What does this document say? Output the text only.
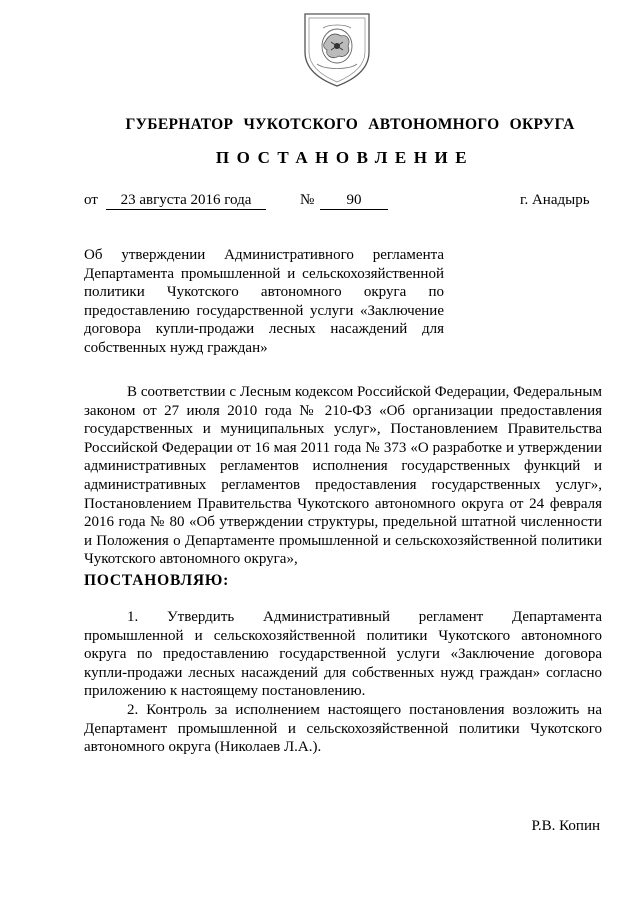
ГУБЕРНАТОР ЧУКОТСКОГО АВТОНОМНОГО ОКРУГА
ПОСТАНОВЛЕНИЕ
от	23 августа 2016 года	№	90	г. Анадырь
Об утверждении Административного регламента Департамента промышленной и сельскохозяйственной политики Чукотского автономного округа по предоставлению государственной услуги «Заключение договора купли-продажи лесных насаждений для собственных нужд граждан»
В соответствии с Лесным кодексом Российской Федерации, Федеральным законом от 27 июля 2010 года № 210-ФЗ «Об организации предоставления государственных и муниципальных услуг», Постановлением Правительства Российской Федерации от 16 мая 2011 года № 373 «О разработке и утверждении административных регламентов исполнения государственных функций и административных регламентов предоставления государственных услуг», Постановлением Правительства Чукотского автономного округа от 24 февраля 2016 года № 80 «Об утверждении структуры, предельной штатной численности и Положения о Департаменте промышленной и сельскохозяйственной политики Чукотского автономного округа»,
ПОСТАНОВЛЯЮ:
1. Утвердить Административный регламент Департамента промышленной и сельскохозяйственной политики Чукотского автономного округа по предоставлению государственной услуги «Заключение договора купли-продажи лесных насаждений для собственных нужд граждан» согласно приложению к настоящему постановлению.
2. Контроль за исполнением настоящего постановления возложить на Департамент промышленной и сельскохозяйственной политики Чукотского автономного округа (Николаев Л.А.).
Р.В. Копин
